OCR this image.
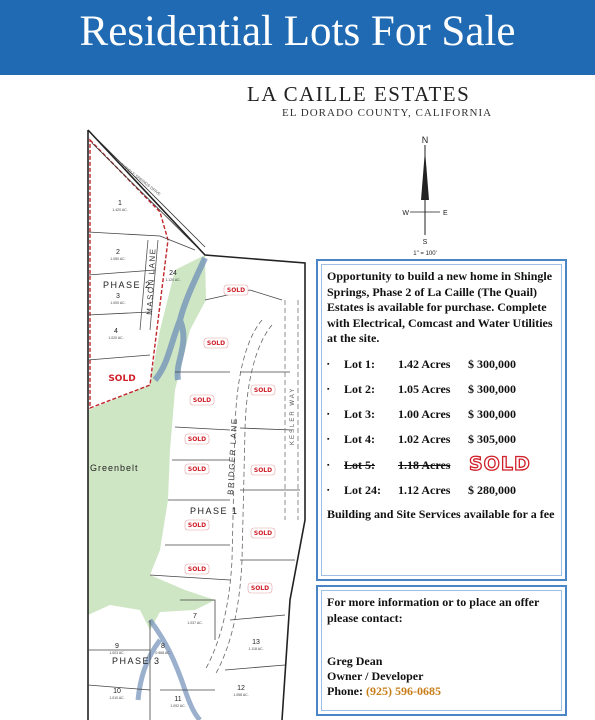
Residential Lots For Sale
LA CAILLE ESTATES
EL DORADO COUNTY, CALIFORNIA
N
W	E
S
1" = 100'
MASON LANE
BRIDGER LANE
KESLER WAY
SHINGLE SPRINGS DRIVE
PHASE 2
PHASE 1
PHASE 3
Greenbelt
1
2
3
4
24
7
8
9
10
11
12
13
1.420 AC.
1.050 AC.
1.000 AC.
1.020 AC.
1.120 AC.
1.037 AC.
0.968 AC.
1.003 AC.
1.010 AC.
1.092 AC.
1.058 AC.
1.118 AC.
SOLD
SOLD
SOLD
SOLD
SOLD
SOLD
SOLD
SOLD
SOLD
SOLD
SOLD
SOLD
Opportunity to build a new home in Shingle Springs, Phase 2 of La Caille (The Quail) Estates is available for purchase. Complete with Electrical, Comcast and Water Utilities at the site.
▪ Lot 1: 1.42 Acres $ 300,000
▪ Lot 2: 1.05 Acres $ 300,000
▪ Lot 3: 1.00 Acres $ 300,000
▪ Lot 4: 1.02 Acres $ 305,000
▪ Lot 5: 1.18 Acres SOLD
▪ Lot 24: 1.12 Acres $ 280,000
Building and Site Services available for a fee
For more information or to place an offer please contact:
Greg Dean
Owner / Developer
Phone: (925) 596-0685
